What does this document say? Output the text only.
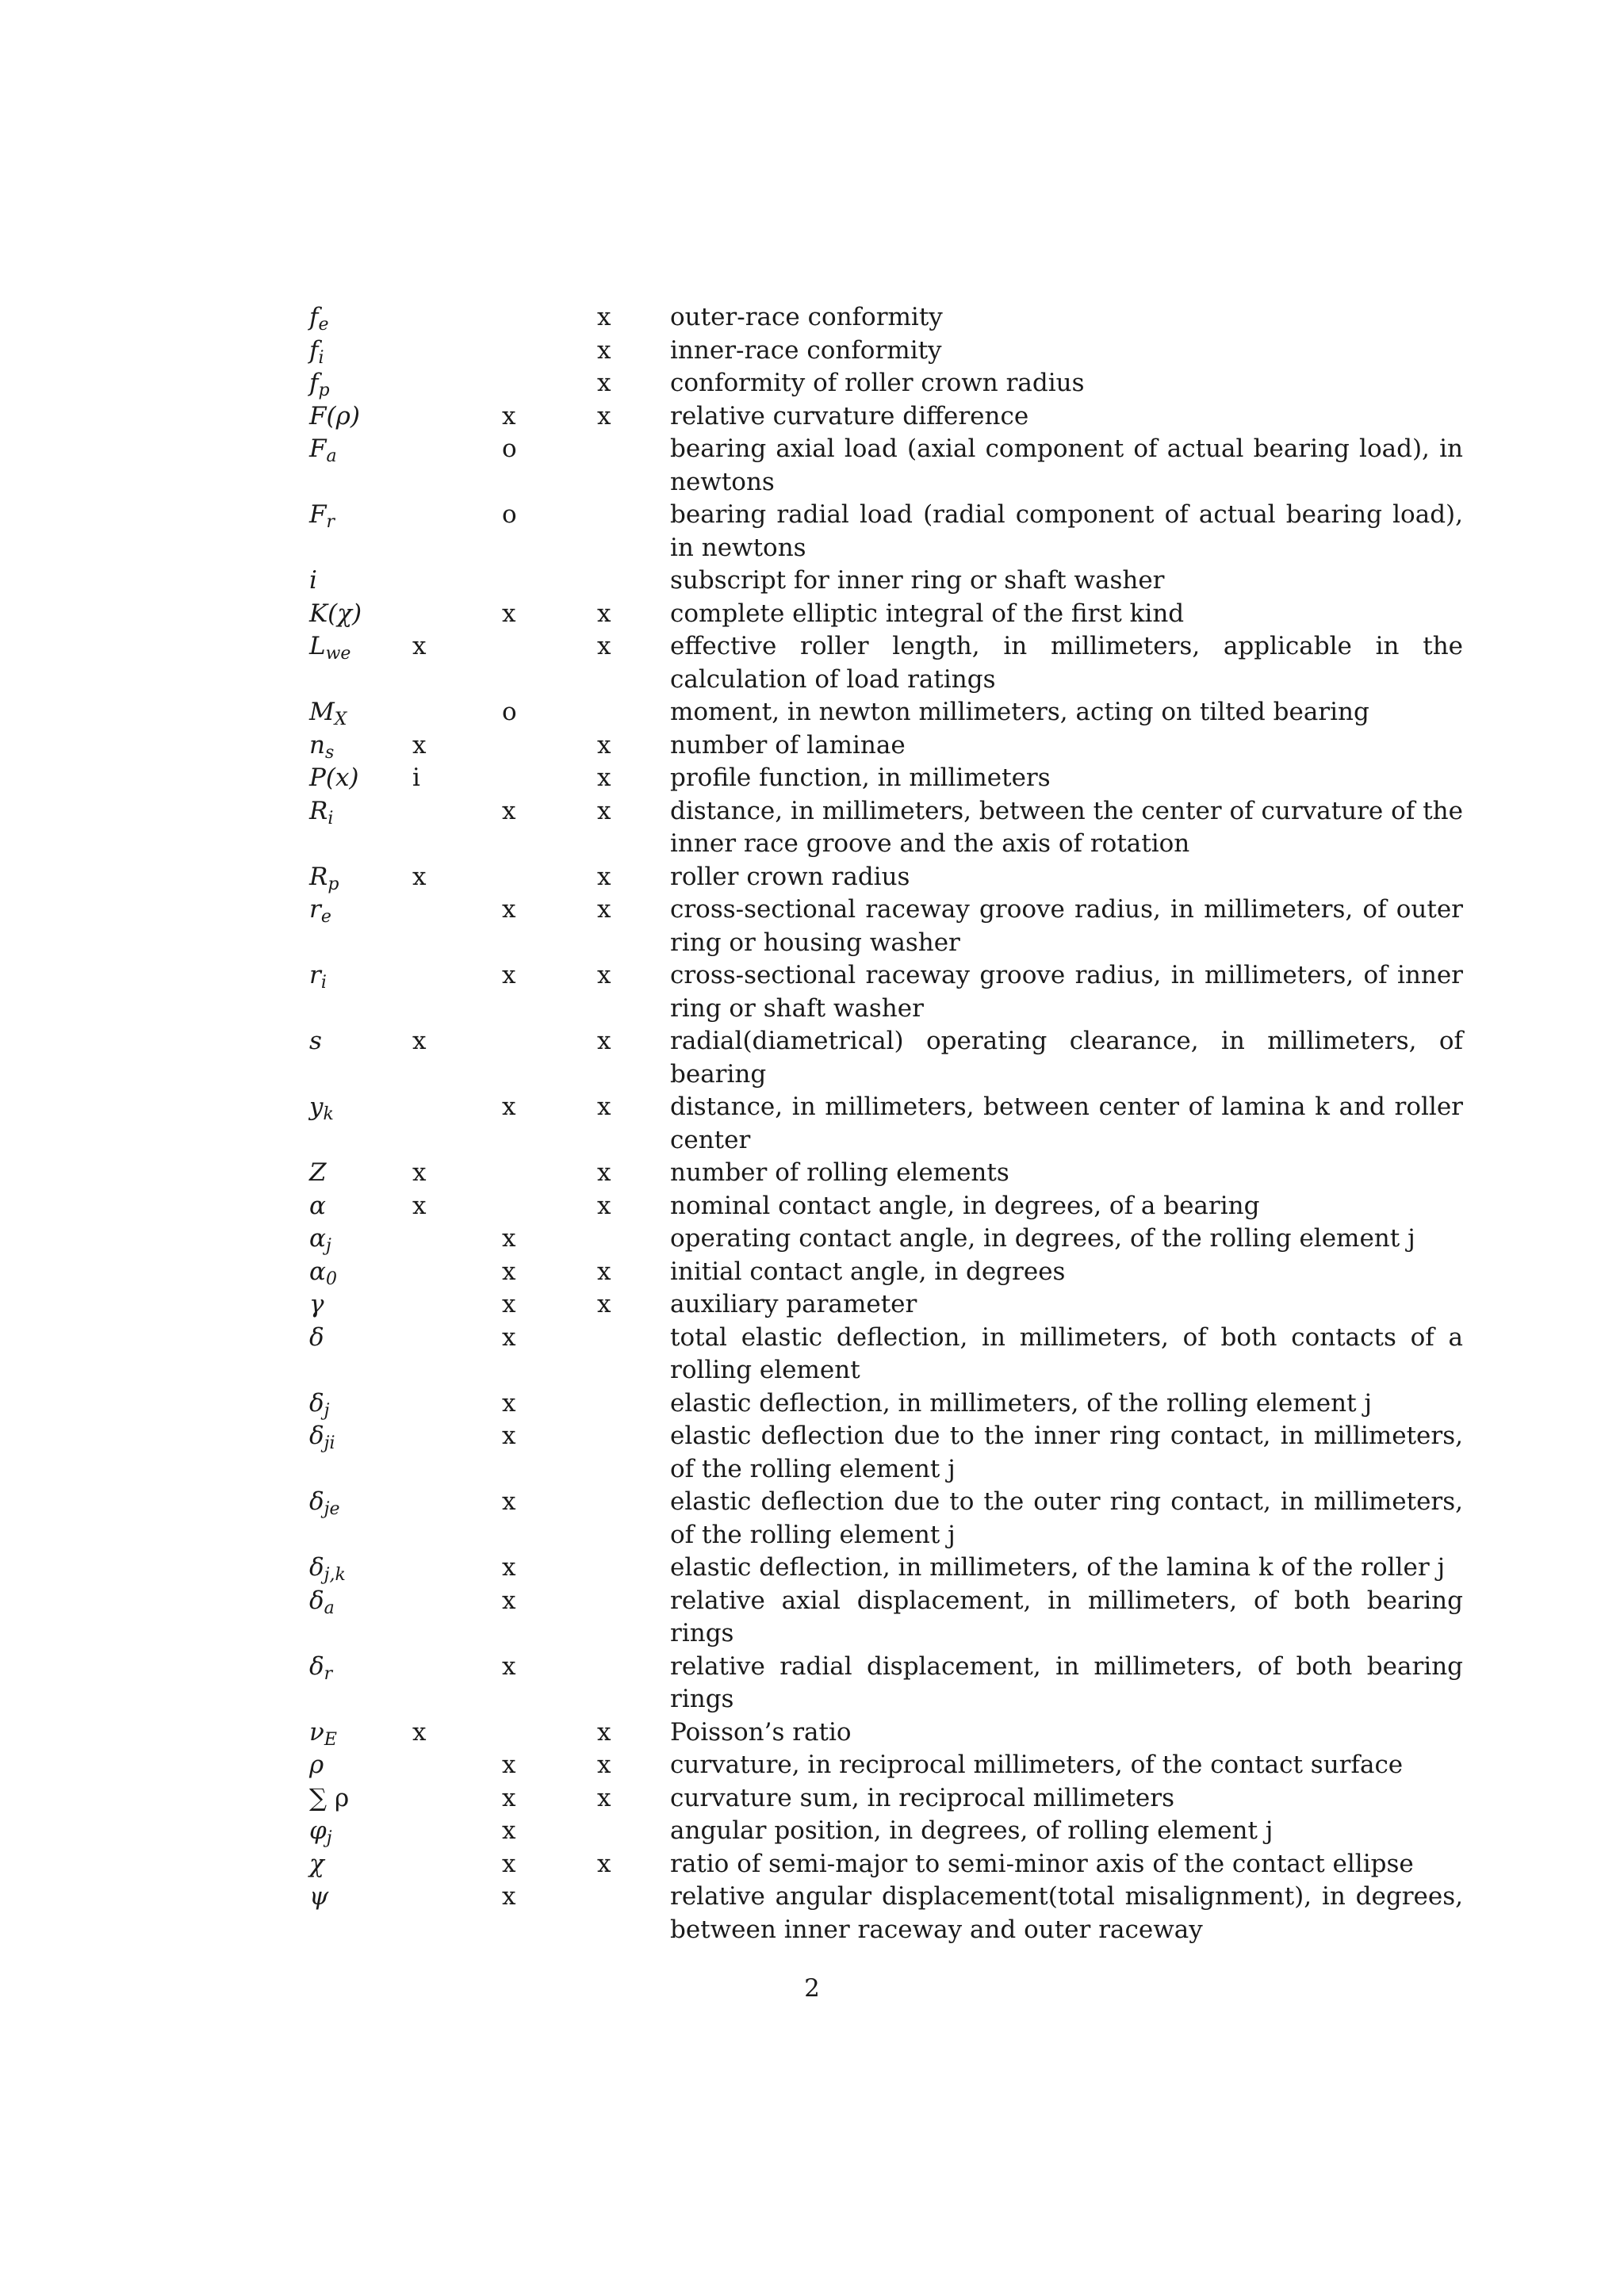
$f_e$			x	outer-race conformity
$f_i$			x	inner-race conformity
$f_p$			x	conformity of roller crown radius
F(ρ)		x	x	relative curvature difference
$F_a$		o		bearing axial load (axial component of actual bearing load), in newtons
$F_r$		o		bearing radial load (radial component of actual bearing load), in newtons
i				subscript for inner ring or shaft washer
K(χ)		x	x	complete elliptic integral of the first kind
$L_{we}$	x		x	effective roller length, in millimeters, applicable in the calculation of load ratings
$M_X$		o		moment, in newton millimeters, acting on tilted bearing
$n_s$	x		x	number of laminae
P(x)	i		x	profile function, in millimeters
$R_i$		x	x	distance, in millimeters, between the center of curvature of the inner race groove and the axis of rotation
$R_p$	x		x	roller crown radius
$r_e$		x	x	cross-sectional raceway groove radius, in millimeters, of outer ring or housing washer
$r_i$		x	x	cross-sectional raceway groove radius, in millimeters, of inner ring or shaft washer
s	x		x	radial(diametrical) operating clearance, in millimeters, of bearing
$y_k$		x	x	distance, in millimeters, between center of lamina k and roller center
Z	x		x	number of rolling elements
α	x		x	nominal contact angle, in degrees, of a bearing
$\alpha_j$		x		operating contact angle, in degrees, of the rolling element j
$\alpha_0$		x	x	initial contact angle, in degrees
γ		x	x	auxiliary parameter
δ		x		total elastic deflection, in millimeters, of both contacts of a rolling element
$\delta_j$		x		elastic deflection, in millimeters, of the rolling element j
$\delta_{ji}$		x		elastic deflection due to the inner ring contact, in millimeters, of the rolling element j
$\delta_{je}$		x		elastic deflection due to the outer ring contact, in millimeters, of the rolling element j
$\delta_{j,k}$		x		elastic deflection, in millimeters, of the lamina k of the roller j
$\delta_a$		x		relative axial displacement, in millimeters, of both bearing rings
$\delta_r$		x		relative radial displacement, in millimeters, of both bearing rings
$\nu_E$	x		x	Poisson’s ratio
ρ		x	x	curvature, in reciprocal millimeters, of the contact surface
∑ ρ		x	x	curvature sum, in reciprocal millimeters
$\varphi_j$		x		angular position, in degrees, of rolling element j
χ		x	x	ratio of semi-major to semi-minor axis of the contact ellipse
ψ		x		relative angular displacement(total misalignment), in degrees, between inner raceway and outer raceway
2
